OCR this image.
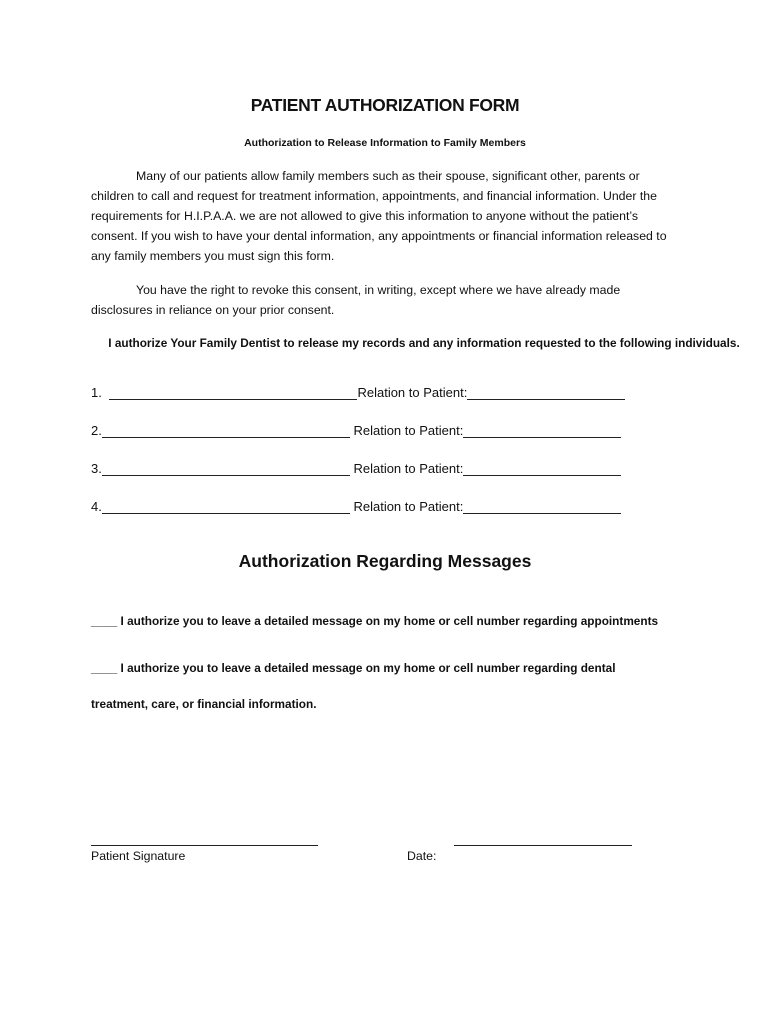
PATIENT AUTHORIZATION FORM
Authorization to Release Information to Family Members

Many of our patients allow family members such as their spouse, significant other, parents or children to call and request for treatment information, appointments, and financial information. Under the requirements for H.I.P.A.A. we are not allowed to give this information to anyone without the patient’s consent. If you wish to have your dental information, any appointments or financial information released to any family members you must sign this form.

You have the right to revoke this consent, in writing, except where we have already made disclosures in reliance on your prior consent.

I authorize Your Family Dentist to release my records and any information requested to the following individuals.
1.	Relation to Patient:
2.	Relation to Patient:
3.	Relation to Patient:
4.	Relation to Patient:
Authorization Regarding Messages
____ I authorize you to leave a detailed message on my home or cell number regarding appointments
____ I authorize you to leave a detailed message on my home or cell number regarding dental
treatment, care, or financial information.
Patient Signature	Date:
